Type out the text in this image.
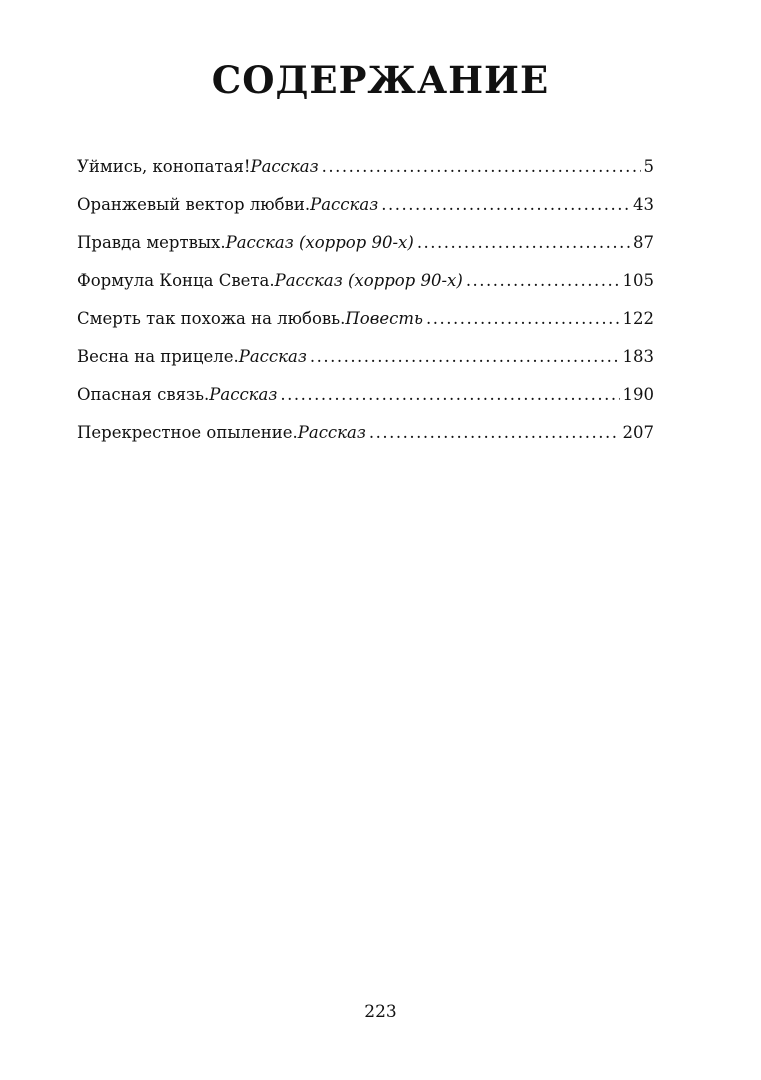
СОДЕРЖАНИЕ
Уймись, конопатая! Рассказ .....	5
Оранжевый вектор любви. Рассказ .....	43
Правда мертвых. Рассказ (хоррор 90-х) .....	87
Формула Конца Света. Рассказ (хоррор 90-х) .....	105
Смерть так похожа на любовь. Повесть .....	122
Весна на прицеле. Рассказ .....	183
Опасная связь. Рассказ .....	190
Перекрестное опыление. Рассказ .....	207
223
